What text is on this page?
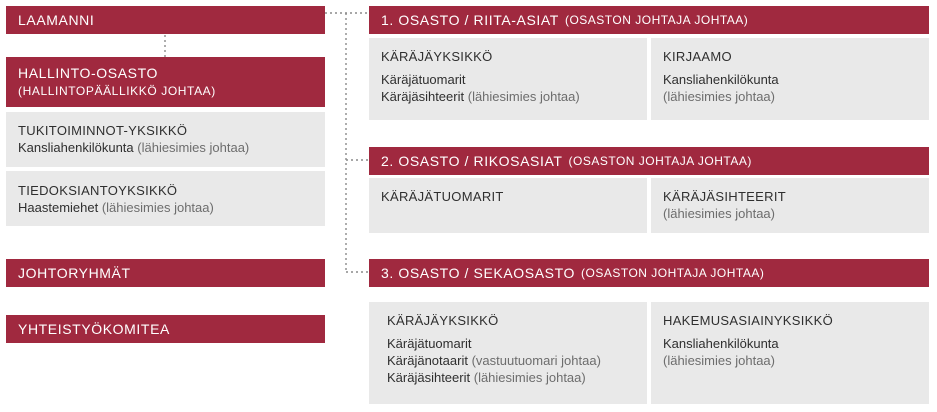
LAAMANNI
HALLINTO-OSASTO
(HALLINTOPÄÄLLIKKÖ JOHTAA)
TUKITOIMINNOT-YKSIKKÖ
Kansliahenkilökunta (lähiesimies johtaa)
TIEDOKSIANTOYKSIKKÖ
Haastemiehet (lähiesimies johtaa)
JOHTORYHMÄT
YHTEISTYÖKOMITEA
1. OSASTO / RIITA-ASIAT (OSASTON JOHTAJA JOHTAA)
KÄRÄJÄYKSIKKÖ
Käräjätuomarit
Käräjäsihteerit (lähiesimies johtaa)
KIRJAAMO
Kansliahenkilökunta
(lähiesimies johtaa)
2. OSASTO / RIKOSASIAT (OSASTON JOHTAJA JOHTAA)
KÄRÄJÄTUOMARIT	KÄRÄJÄSIHTEERIT
(lähiesimies johtaa)
3. OSASTO / SEKAOSASTO (OSASTON JOHTAJA JOHTAA)
KÄRÄJÄYKSIKKÖ
Käräjätuomarit
Käräjänotaarit (vastuutuomari johtaa)
Käräjäsihteerit (lähiesimies johtaa)
HAKEMUSASIAINYKSIKKÖ
Kansliahenkilökunta
(lähiesimies johtaa)
